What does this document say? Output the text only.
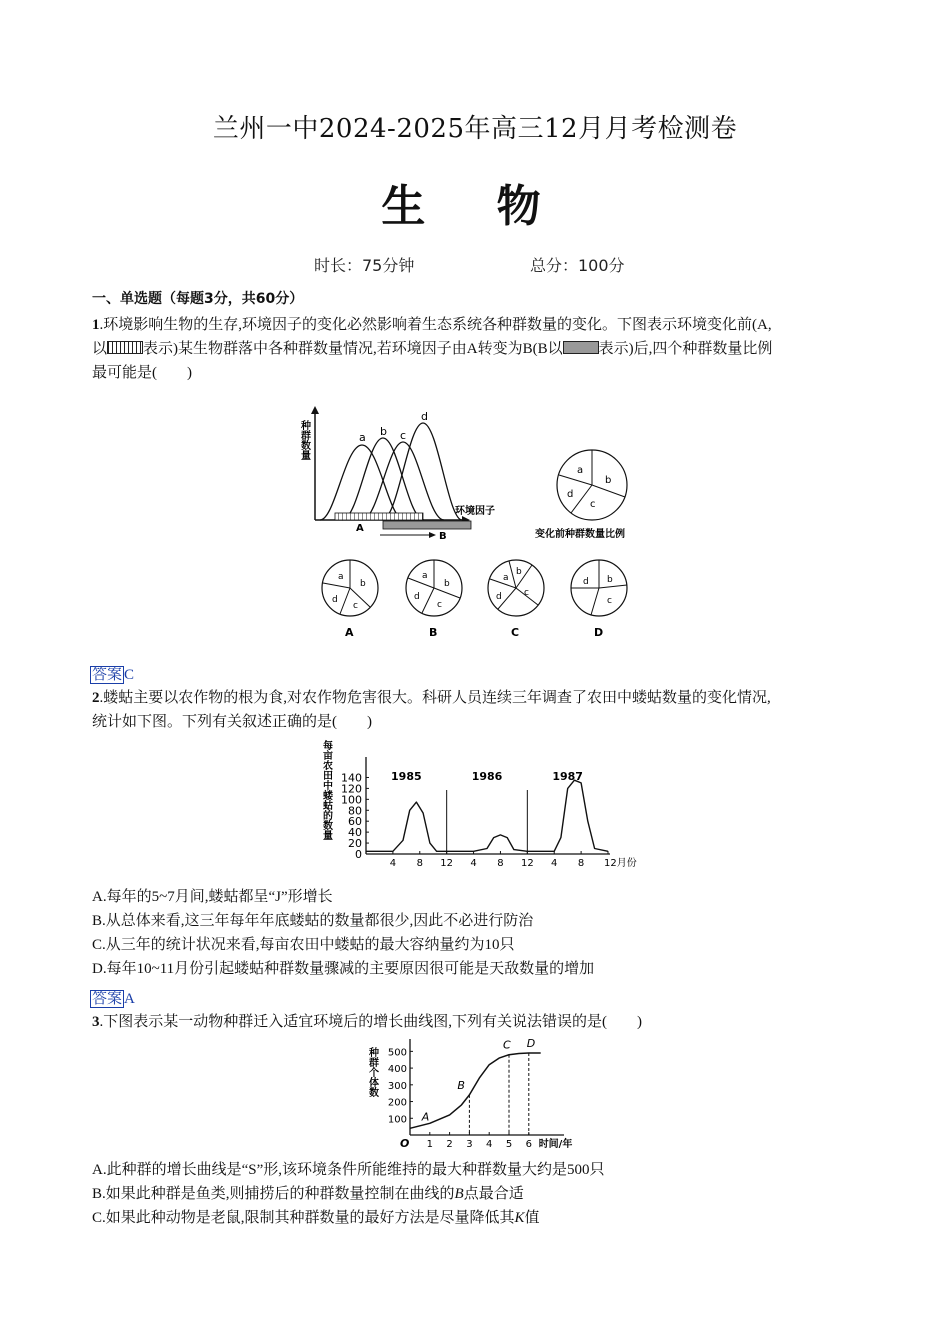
兰州一中2024-2025年高三12月月考检测卷
生 物
时长：75分钟	总分：100分
一、单选题（每题3分，共60分）
1.环境影响生物的生存,环境因子的变化必然影响着生态系统各种群数量的变化。下图表示环境变化前(A,
以 表示)某生物群落中各种群数量情况,若环境因子由A转变为B(B以 表示)后,四个种群数量比例
最可能是(　　)
种群数量
环境因子
a b c
d
A
B
a
b
c
d
变化前种群数量比例
a
b
c
d
a
b
c
d
a
b
c
d
d b
c
A	B	C	D
答案 C
2.蝼蛄主要以农作物的根为食,对农作物危害很大。科研人员连续三年调查了农田中蝼蛄数量的变化情况,
统计如下图。下列有关叙述正确的是(　　)
每亩农田中蝼蛄的数量 140
120
100
80
60
40
20
0
4 8 12 4 8 12 4 8 12月份
1985	1986	1987
A.每年的5~7月间,蝼蛄都呈“J”形增长
B.从总体来看,这三年每年年底蝼蛄的数量都很少,因此不必进行防治
C.从三年的统计状况来看,每亩农田中蝼蛄的最大容纳量约为10只
D.每年10~11月份引起蝼蛄种群数量骤减的主要原因很可能是天敌数量的增加
答案 A
3.下图表示某一动物种群迁入适宜环境后的增长曲线图,下列有关说法错误的是(　　)
种群个体数
O
500
400
300
200
100
1 2 3 4 5 6 时间/年
A
B
C D
A.此种群的增长曲线是“S”形,该环境条件所能维持的最大种群数量大约是500只
B.如果此种群是鱼类,则捕捞后的种群数量控制在曲线的B点最合适
C.如果此种动物是老鼠,限制其种群数量的最好方法是尽量降低其K值
